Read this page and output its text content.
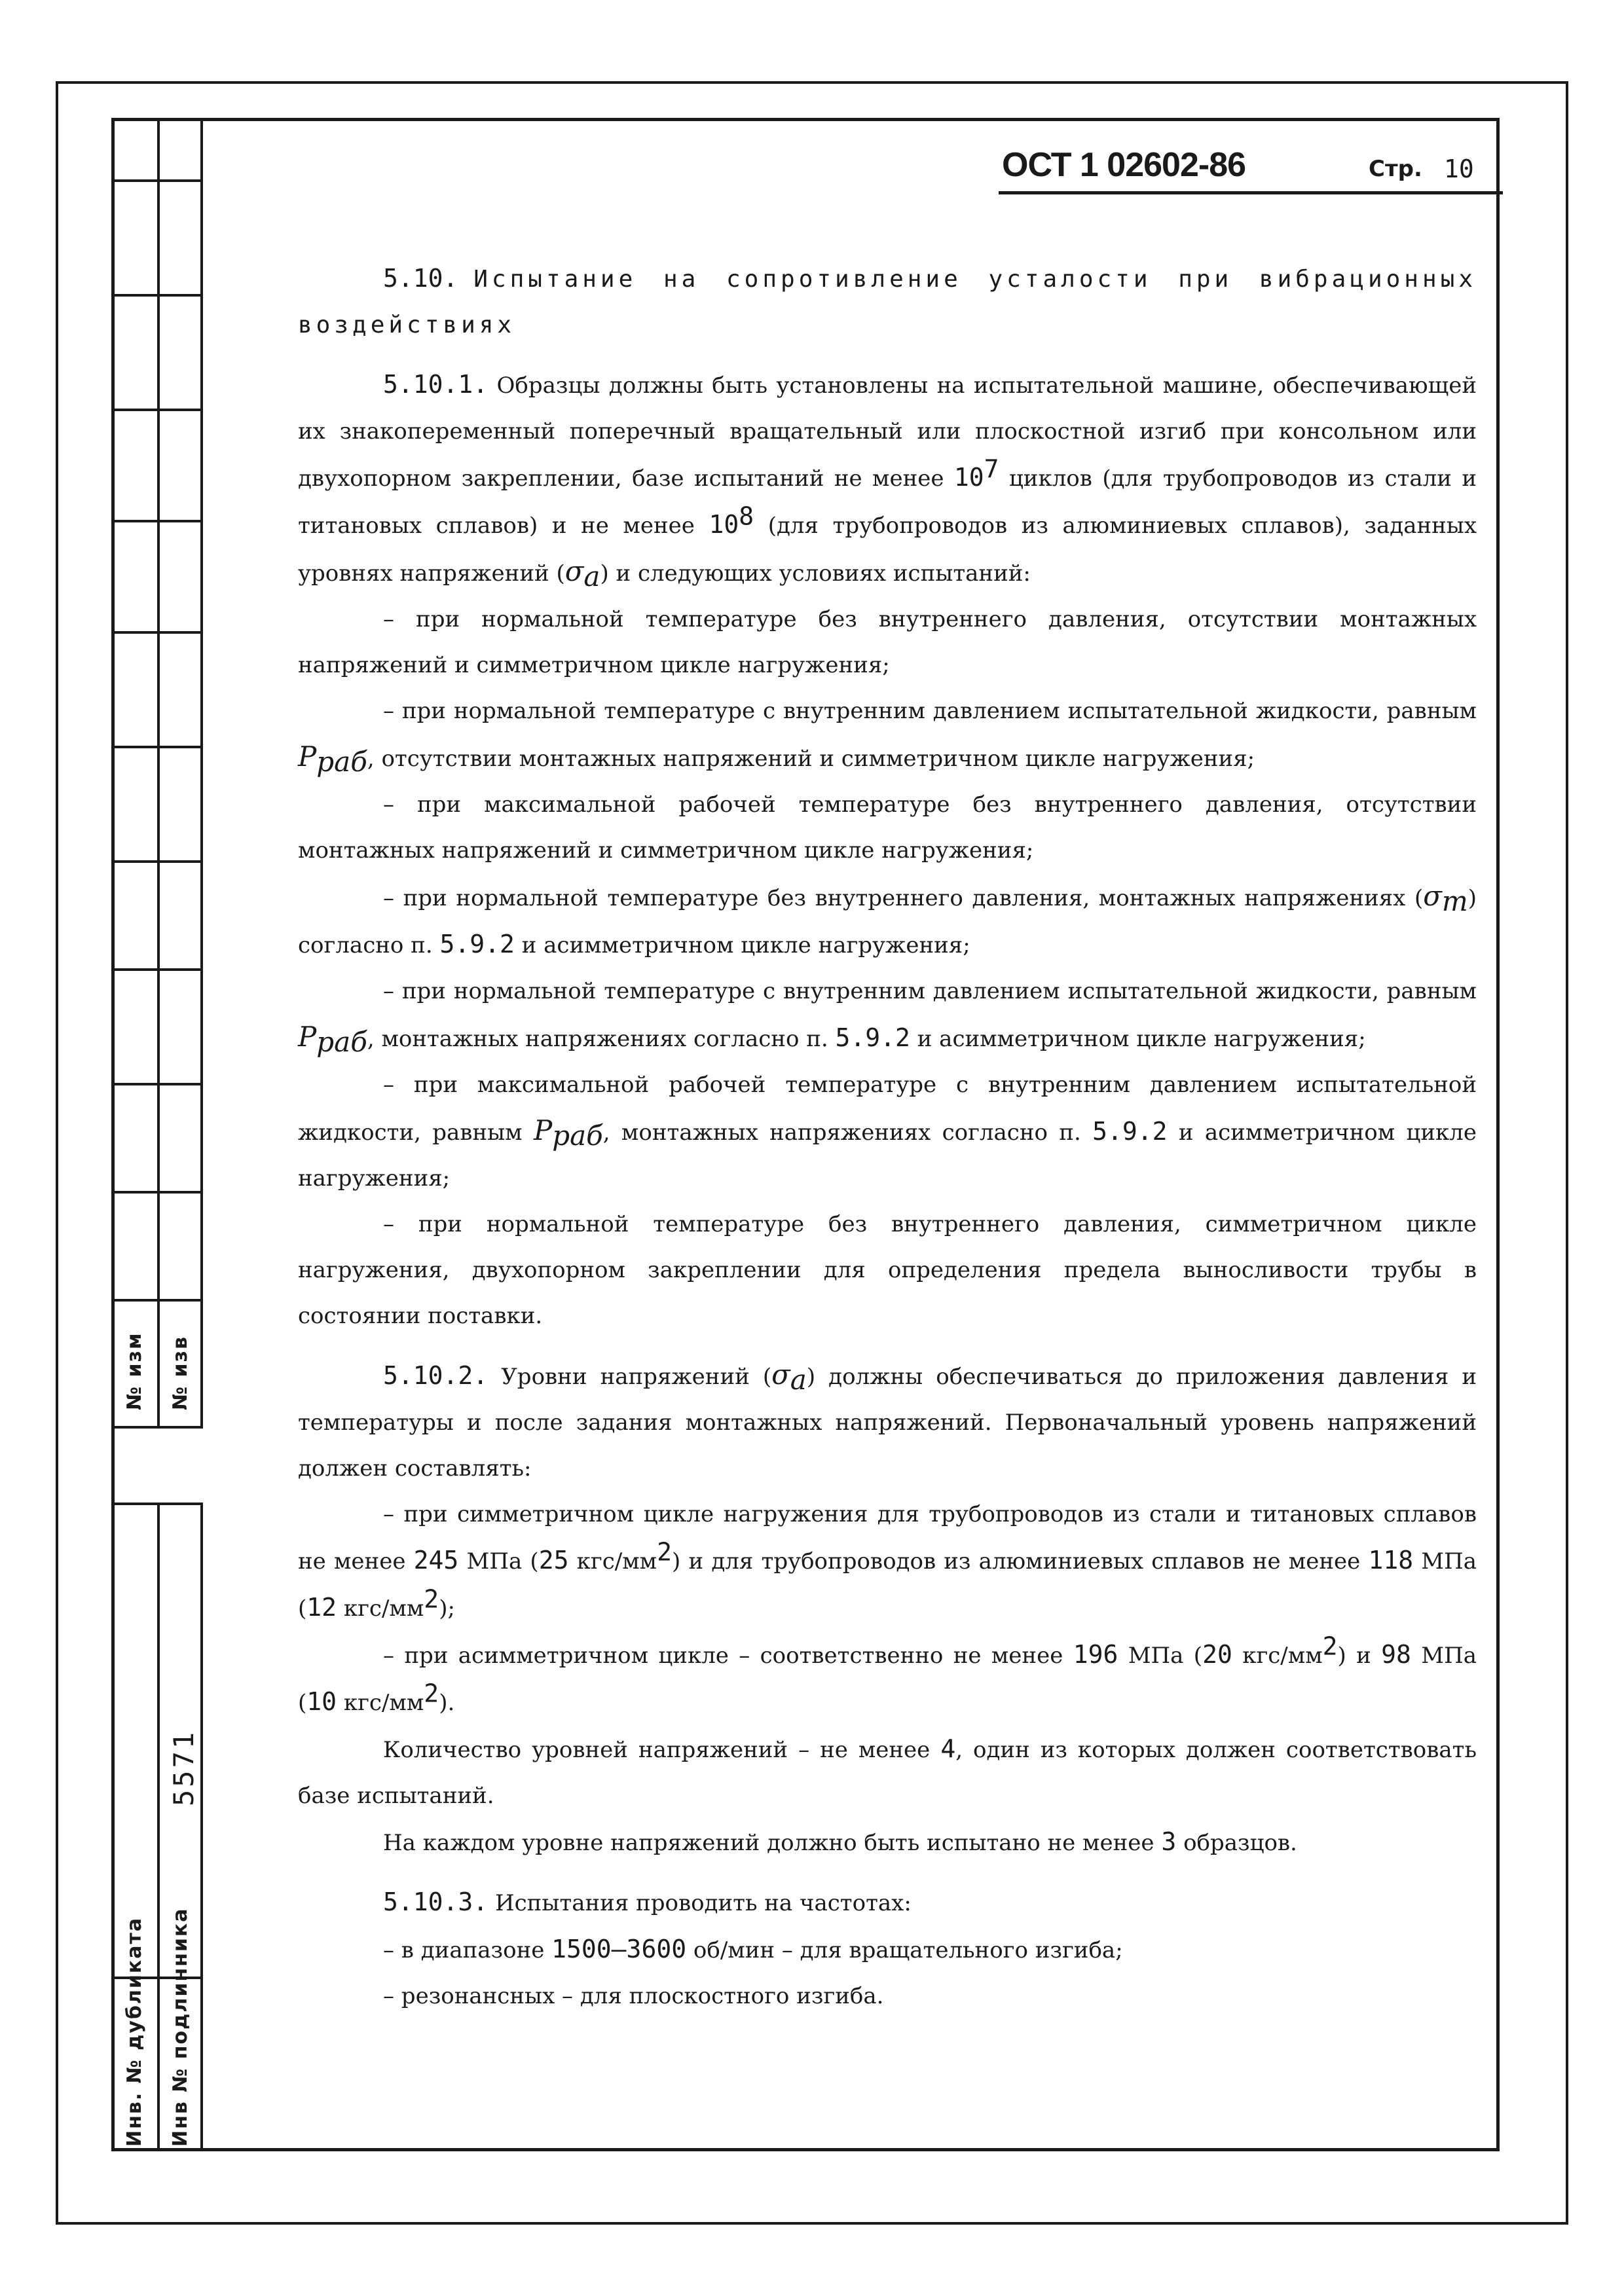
№ изм № изв
5571
Инв. № дубликата Инв № подлинника
ОСТ 1 02602-86	Стр. 10

5.10. Испытание на сопротивление усталости при вибрационных воздействиях

5.10.1. Образцы должны быть установлены на испытательной машине, обеспечивающей их знакопеременный поперечный вращательный или плоскостной изгиб при консольном или двухопорном закреплении, базе испытаний не менее $10^7$ циклов (для трубопроводов из стали и титановых сплавов) и не менее $10^8$ (для трубопроводов из алюминиевых сплавов), заданных уровнях напряжений $(\sigma_a)$ и следующих условиях испытаний:

– при нормальной температуре без внутреннего давления, отсутствии монтажных напряжений и симметричном цикле нагружения;

– при нормальной температуре с внутренним давлением испытательной жидкости, равным $P_{раб}$, отсутствии монтажных напряжений и симметричном цикле нагружения;

– при максимальной рабочей температуре без внутреннего давления, отсутствии монтажных напряжений и симметричном цикле нагружения;

– при нормальной температуре без внутреннего давления, монтажных напряжениях $(\sigma_m)$ согласно п. 5.9.2 и асимметричном цикле нагружения;

– при нормальной температуре с внутренним давлением испытательной жидкости, равным $P_{раб}$, монтажных напряжениях согласно п. 5.9.2 и асимметричном цикле нагружения;

– при максимальной рабочей температуре с внутренним давлением испытательной жидкости, равным $P_{раб}$, монтажных напряжениях согласно п. 5.9.2 и асимметричном цикле нагружения;

– при нормальной температуре без внутреннего давления, симметричном цикле нагружения, двухопорном закреплении для определения предела выносливости трубы в состоянии поставки.

5.10.2. Уровни напряжений $(\sigma_a)$ должны обеспечиваться до приложения давления и температуры и после задания монтажных напряжений. Первоначальный уровень напряжений должен составлять:

– при симметричном цикле нагружения для трубопроводов из стали и титановых сплавов не менее 245 МПа (25 кгс/$мм^2$) и для трубопроводов из алюминиевых сплавов не менее 118 МПа (12 кгс/$мм^2$);

– при асимметричном цикле – соответственно не менее 196 МПа (20 кгс/$мм^2$) и 98 МПа (10 кгс/$мм^2$).

Количество уровней напряжений – не менее 4, один из которых должен соответствовать базе испытаний.

На каждом уровне напряжений должно быть испытано не менее 3 образцов.

5.10.3. Испытания проводить на частотах:

– в диапазоне 1500–3600 об/мин – для вращательного изгиба;

– резонансных – для плоскостного изгиба.
